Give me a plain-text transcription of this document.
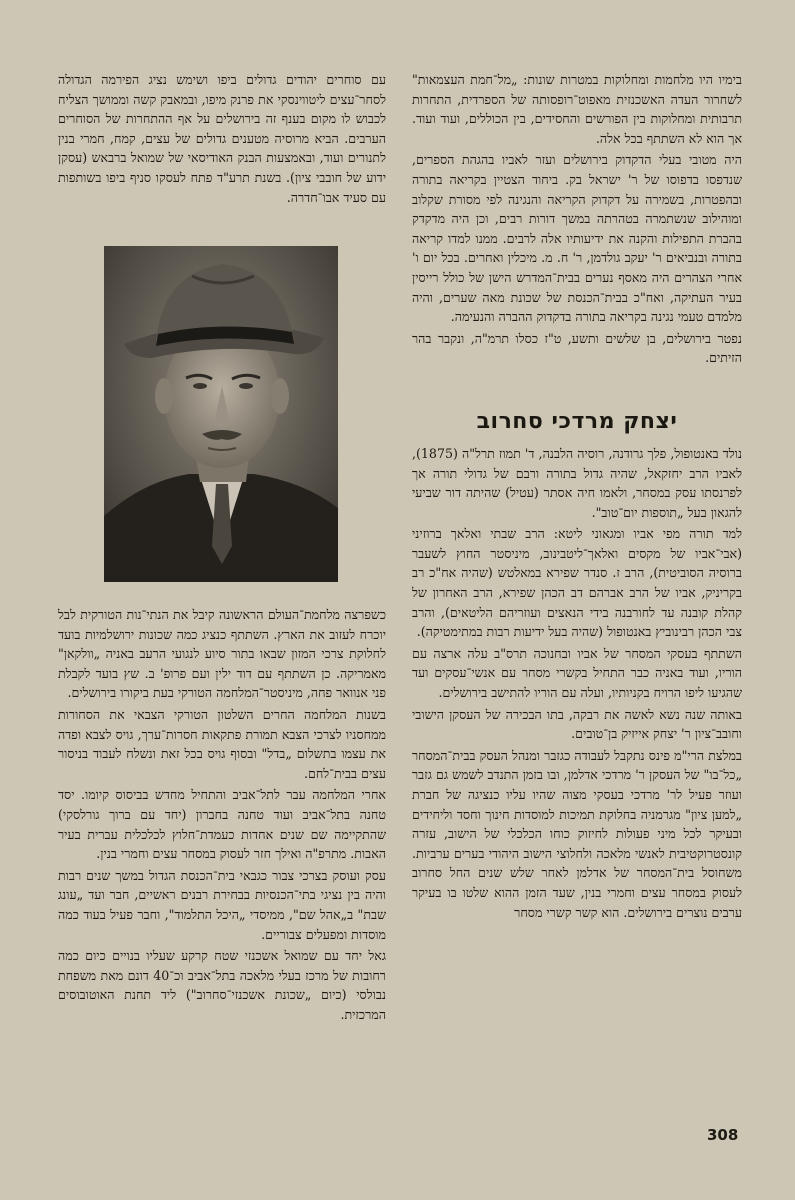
בימיו היו מלחמות ומחלוקות במטרות שונות: „מל־חמת העצמאות" לשחרור העדה האשכנזית מאפוט־רופסותה של הספרדית, התחרות תרבותית ומחלוקות בין הפורשים והחסידים, בין הכוללים, ועוד ועוד. אך הוא לא השתתף בכל אלה.

היה מטובי בעלי הדקדוק בירושלים ועזר לאביו בהגהת הספרים, שנדפסו בדפוסו של ר' ישראל בק. ביחוד הצטיין בקריאה בתורה ובהפטרות, בשמירה על דקדוק הקריאה והנגינה לפי מסורת שקלוב ומוהילוב שנשתמרה בטהרתה במשך דורות רבים, וכן היה מדקדק בהברת התפילות והקנה את ידיעותיו אלה לרבים. ממנו למדו קריאה בתורה ובנביאים ר' יעקב גולדמן, ר' ח. מ. מיכלין ואחרים. בכל יום ו' אחרי הצהרים היה מאסף נערים בבית־המדרש הישן של כולל רייסין בעיר העתיקה, ואח"כ בבית־הכנסת של שכונת מאה שערים, והיה מלמדם טעמי נגינה בקריאה בתורה בדקדוק ההברה והנעימה.

נפטר בירושלים, בן שלשים ותשע, ט"ז כסלו תרמ"ה, ונקבר בהר הזיתים.

יצחק מרדכי סחרוב

נולד באנטופול, פלך גרודנה, רוסיה הלבנה, ד' תמוז תרל"ה (1875), לאביו הרב יחזקאל, שהיה גדול בתורה ורבם של גדולי תורה אך לפרנסתו עסק במסחר, ולאמו חיה אסתר (עטיל) שהיתה דור שביעי להגאון בעל „תוספות יום־טוב".

למד תורה מפי אביו ומגאוני ליטא: הרב שבתי ואלאך ברוזיני (אבי־אביו של מקסים ואלאך־ליטבינוב, מיניסטר החוץ לשעבר ברוסיה הסוביטית), הרב ז. סנדר שפירא במאלטש (שהיה אח"כ רב בקריניק, אביו של הרב אברהם דב הכהן שפירא, הרב האחרון של קהלת קובנה עד לחורבנה בידי הנאצים ועוזריהם הליטאים), והרב צבי הכהן רבינוביץ באנטופול (שהיה בעל ידיעות רבות במתימטיקה).

השתתף בעסקי המסחר של אביו ובחנוכה תרס"ב עלה ארצה עם הוריו, ועוד באניה כבר התחיל בקשרי מסחר עם אנשי־עסקים ועד שהגיעו ליפו הרויח בקניותיו, ועלה עם הוריו להתישב בירושלים.

באותה שנה נשא לאשה את רבקה, בתו הבכירה של העסקן הישובי וחובב־ציון ר' יצחק אייזיק בן־טובים.

במלצת הרי"מ פינס נתקבל לעבודה כגזבר ומנהל העסק בבית־המסחר „כל־בו" של העסקן ר' מרדכי אדלמן, ובו בזמן התנדב לשמש גם גזבר ועוזר פעיל לר' מרדכי בעסקי מצוה שהיו עליו כנציגה של חברת „למען ציון" מגרמניה בחלוקת תמיכות למוסדות חינוך וחסד וליחידים ובעיקר לכל מיני פעולות לחיזוק כוחו הכלכלי של הישוב, עזרה קונסטרוקטיבית לאנשי מלאכה ולחלוצי הישוב היהודי בערים ערביות. משחוסל בית־המסחר של אדלמן לאחר שלש שנים החל סחרוב לעסוק במסחר עצים וחמרי בנין, שעד הזמן ההוא שלטו בו בעיקר ערבים נוצרים בירושלים. הוא קשר קשרי מסחר

עם סוחרים יהודים גדולים ביפו ושימש נציג הפירמה הגדולה לסחר־עצים ליטווינסקי את פרנק מיפו, ובמאבק קשה וממושך הצליח לכבוש לו מקום בענף זה בירושלים על אף ההתחרות של הסוחרים הערבים. הביא מרוסיה מטענים גדולים של עצים, קמח, חמרי בנין לתנורים ועוד, ובאמצעות הבנק האודיסאי של שמואל ברבאש (עסקן ידוע של חובבי ציון). בשנת תרע"ד פתח לעסקו סניף ביפו בשותפות עם סעיד אבו־חדרה.

כשפרצה מלחמת־העולם הראשונה קיבל את הנתי־נות הטורקית לבל יוכרח לעזוב את הארץ. השתתף כנציג כמה שכונות ירושלמיות בועד לחלוקת צרכי המזון שבאו בתור סיוע לנגועי הרעב באניה „וולקאן" מאמריקה. כן השתתף עם דוד ילין ועם פרופ' ב. שץ בועד לקבלת פני אנוואר פחה, מיניסטר־המלחמה הטורקי בעת ביקורו בירושלים.

בשנות המלחמה החרים השלטון הטורקי הצבאי את הסחורות ממחסניו לצרכי הצבא תמורת פתקאות חסרות־ערך, גויס לצבא ופדה את עצמו בתשלום „בדל" ובסוף גויס בכל זאת ונשלח לעבוד בניסור עצים בבית־לחם.

אחרי המלחמה עבר לתל־אביב והתחיל מחדש בביסוס קיומו. יסד טחנה בתל־אביב ועוד טחנה בחברון (יחד עם ברוך גורלסקי) שהתקיימה שם שנים אחדות כעמדת־חלוץ לכלכלית עברית בעיר האבות. מתרפ"ה ואילך חזר לעסוק במסחר עצים וחמרי בנין.

עסק ועוסק בצרכי צבור כגבאי בית־הכנסת הגדול במשך שנים רבות והיה בין נציגי בתי־הכנסיות בבחירת רבנים ראשיים, חבר ועד „עונג שבת" ב„אהל שם", ממיסדי „היכל התלמוד", וחבר פעיל בעוד כמה מוסדות ומפעלים צבוריים.

גאל יחד עם שמואל אשכנזי שטח קרקע שעליו בנויים כיום כמה רחובות של מרכז בעלי מלאכה בתל־אביב וכ־40 דונם מאת משפחת נבולסי (כיום „שכונת אשכנזי־סחרוב") ליד תחנת האוטובוסים המרכזית.

308
